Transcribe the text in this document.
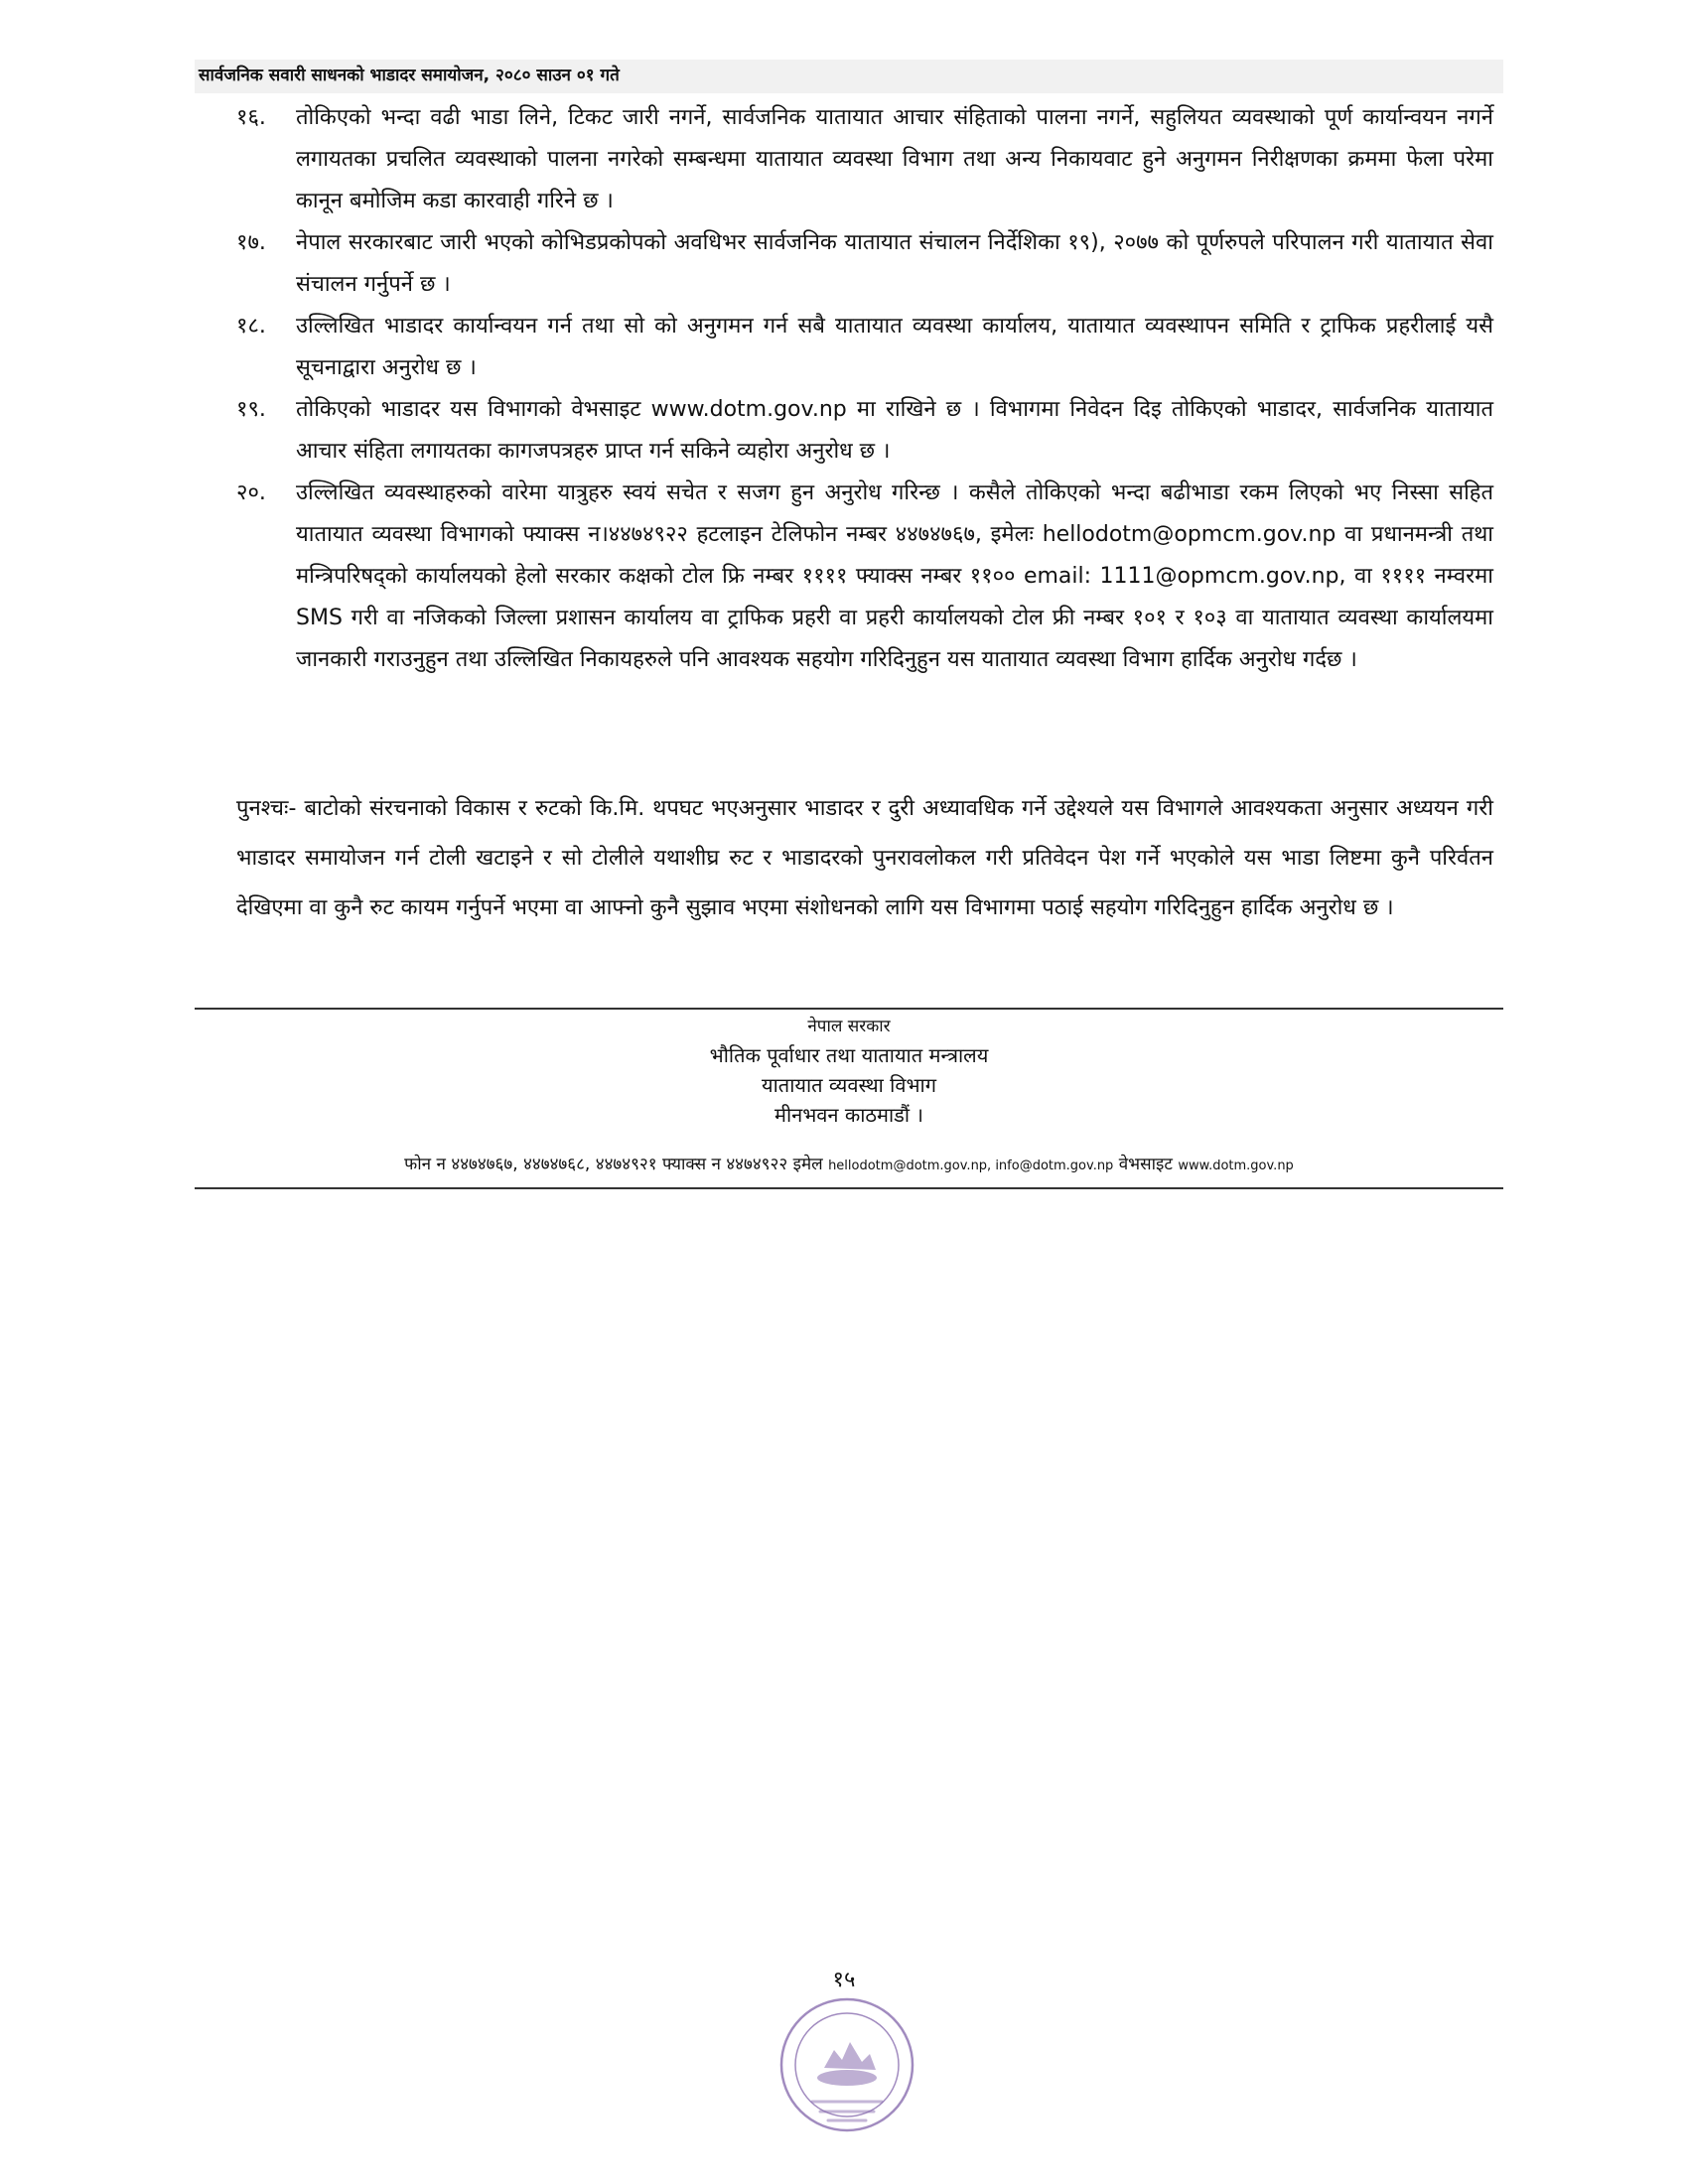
सार्वजनिक सवारी साधनको भाडादर समायोजन, २०८० साउन ०१ गते
१६.	तोकिएको भन्दा वढी भाडा लिने, टिकट जारी नगर्ने, सार्वजनिक यातायात आचार संहिताको पालना नगर्ने, सहुलियत व्यवस्थाको पूर्ण कार्यान्वयन नगर्ने लगायतका प्रचलित व्यवस्थाको पालना नगरेको सम्बन्धमा यातायात व्यवस्था विभाग तथा अन्य निकायवाट हुने अनुगमन निरीक्षणका क्रममा फेला परेमा कानून बमोजिम कडा कारवाही गरिने छ ।
१७.	नेपाल सरकारबाट जारी भएको कोभिडप्रकोपको अवधिभर सार्वजनिक यातायात संचालन निर्देशिका १९), २०७७ को पूर्णरुपले परिपालन गरी यातायात सेवा संचालन गर्नुपर्ने छ ।
१८.	उल्लिखित भाडादर कार्यान्वयन गर्न तथा सो को अनुगमन गर्न सबै यातायात व्यवस्था कार्यालय, यातायात व्यवस्थापन समिति र ट्राफिक प्रहरीलाई यसै सूचनाद्वारा अनुरोध छ ।
१९.	तोकिएको भाडादर यस विभागको वेभसाइट www.dotm.gov.np मा राखिने छ । विभागमा निवेदन दिइ तोकिएको भाडादर, सार्वजनिक यातायात आचार संहिता लगायतका कागजपत्रहरु प्राप्त गर्न सकिने व्यहोरा अनुरोध छ ।
२०.	उल्लिखित व्यवस्थाहरुको वारेमा यात्रुहरु स्वयं सचेत र सजग हुन अनुरोध गरिन्छ । कसैले तोकिएको भन्दा बढीभाडा रकम लिएको भए निस्सा सहित यातायात व्यवस्था विभागको फ्याक्स न।४४७४९२२ हटलाइन टेलिफोन नम्बर ४४७४७६७, इमेलः hellodotm@opmcm.gov.np वा प्रधानमन्त्री तथा मन्त्रिपरिषद्को कार्यालयको हेलो सरकार कक्षको टोल फ्रि नम्बर ११११ फ्याक्स नम्बर ११०० email: 1111@opmcm.gov.np, वा ११११ नम्वरमा SMS गरी वा नजिकको जिल्ला प्रशासन कार्यालय वा ट्राफिक प्रहरी वा प्रहरी कार्यालयको टोल फ्री नम्बर १०१ र १०३ वा यातायात व्यवस्था कार्यालयमा जानकारी गराउनुहुन तथा उल्लिखित निकायहरुले पनि आवश्यक सहयोग गरिदिनुहुन यस यातायात व्यवस्था विभाग हार्दिक अनुरोध गर्दछ ।
पुनश्चः- बाटोको संरचनाको विकास र रुटको कि.मि. थपघट भएअनुसार भाडादर र दुरी अध्यावधिक गर्ने उद्देश्यले यस विभागले आवश्यकता अनुसार अध्ययन गरी भाडादर समायोजन गर्न टोली खटाइने र सो टोलीले यथाशीघ्र रुट र भाडादरको पुनरावलोकल गरी प्रतिवेदन पेश गर्ने भएकोले यस भाडा लिष्टमा कुनै परिर्वतन देखिएमा वा कुनै रुट कायम गर्नुपर्ने भएमा वा आफ्नो कुनै सुझाव भएमा संशोधनको लागि यस विभागमा पठाई सहयोग गरिदिनुहुन हार्दिक अनुरोध छ ।
नेपाल सरकार
भौतिक पूर्वाधार तथा यातायात मन्त्रालय
यातायात व्यवस्था विभाग
मीनभवन काठमाडौं ।
फोन न ४४७४७६७, ४४७४७६८, ४४७४९२१ फ्याक्स न ४४७४९२२ इमेल hellodotm@dotm.gov.np, info@dotm.gov.np वेभसाइट www.dotm.gov.np
१५
